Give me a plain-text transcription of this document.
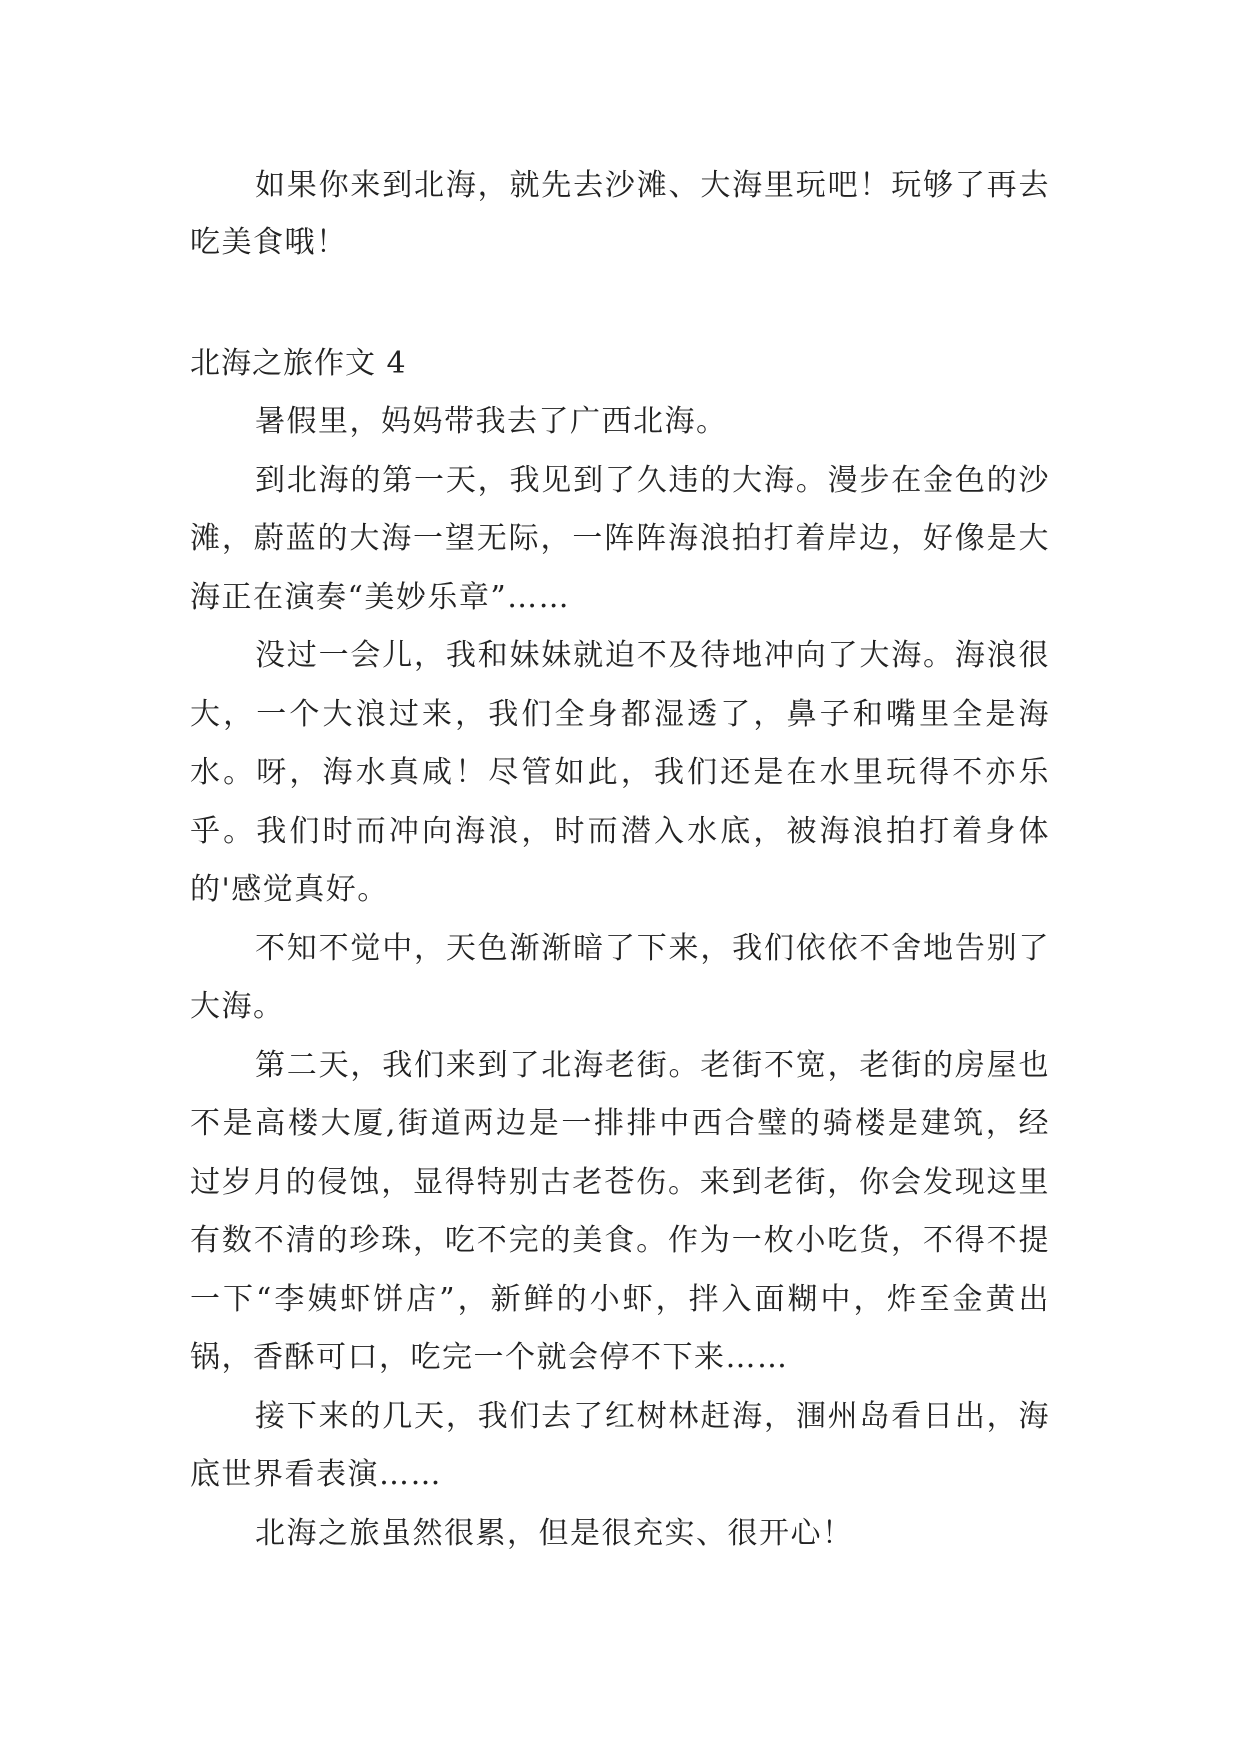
如果你来到北海，就先去沙滩、大海里玩吧！玩够了再去吃美食哦！

北海之旅作文 4

暑假里，妈妈带我去了广西北海。

到北海的第一天，我见到了久违的大海。漫步在金色的沙滩，蔚蓝的大海一望无际，一阵阵海浪拍打着岸边，好像是大海正在演奏“美妙乐章”……

没过一会儿，我和妹妹就迫不及待地冲向了大海。海浪很大，一个大浪过来，我们全身都湿透了，鼻子和嘴里全是海水。呀，海水真咸！尽管如此，我们还是在水里玩得不亦乐乎。我们时而冲向海浪，时而潜入水底，被海浪拍打着身体的'感觉真好。

不知不觉中，天色渐渐暗了下来，我们依依不舍地告别了大海。

第二天，我们来到了北海老街。老街不宽，老街的房屋也不是高楼大厦,街道两边是一排排中西合璧的骑楼是建筑，经过岁月的侵蚀，显得特别古老苍伤。来到老街，你会发现这里有数不清的珍珠，吃不完的美食。作为一枚小吃货，不得不提一下“李姨虾饼店”，新鲜的小虾，拌入面糊中，炸至金黄出锅，香酥可口，吃完一个就会停不下来……

接下来的几天，我们去了红树林赶海，涠州岛看日出，海底世界看表演……

北海之旅虽然很累，但是很充实、很开心！
